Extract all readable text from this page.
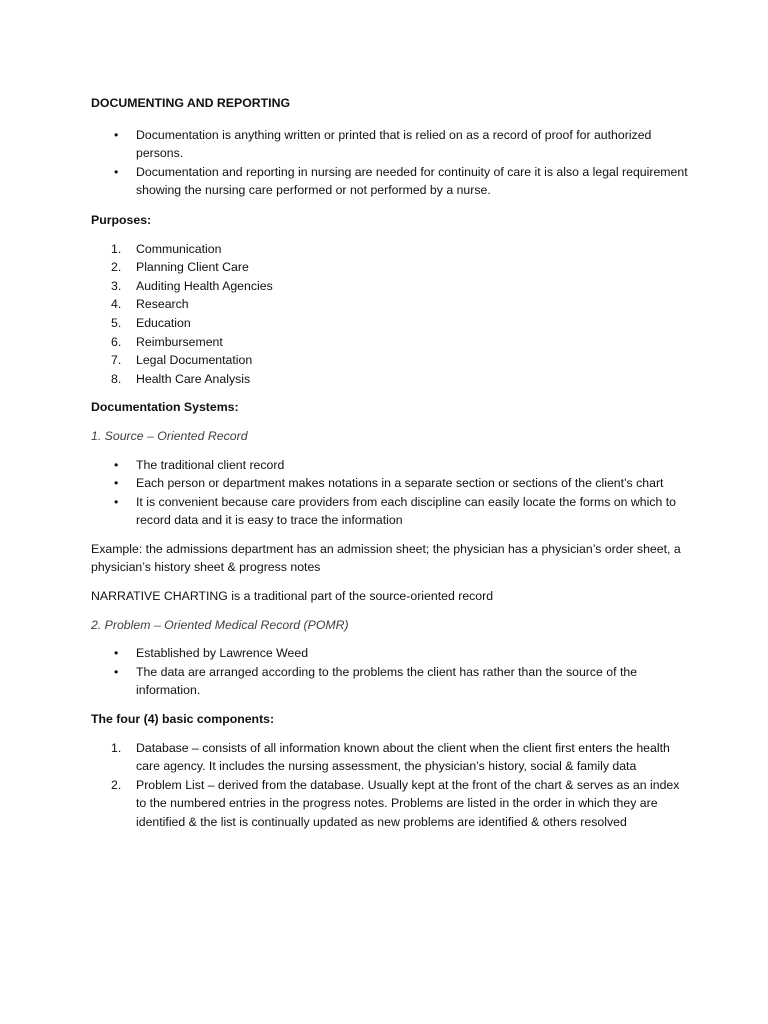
DOCUMENTING AND REPORTING
•	Documentation is anything written or printed that is relied on as a record of proof for authorized persons.
•	Documentation and reporting in nursing are needed for continuity of care it is also a legal requirement showing the nursing care performed or not performed by a nurse.
Purposes:
1.	Communication
2.	Planning Client Care
3.	Auditing Health Agencies
4.	Research
5.	Education
6.	Reimbursement
7.	Legal Documentation
8.	Health Care Analysis
Documentation Systems:
1. Source – Oriented Record
•	The traditional client record
•	Each person or department makes notations in a separate section or sections of the client’s chart
•	It is convenient because care providers from each discipline can easily locate the forms on which to record data and it is easy to trace the information
Example: the admissions department has an admission sheet; the physician has a physician’s order sheet, a physician’s history sheet & progress notes
NARRATIVE CHARTING is a traditional part of the source-oriented record
2. Problem – Oriented Medical Record (POMR)
•	Established by Lawrence Weed
•	The data are arranged according to the problems the client has rather than the source of the information.
The four (4) basic components:
1.	Database – consists of all information known about the client when the client first enters the health care agency. It includes the nursing assessment, the physician’s history, social & family data
2.	Problem List – derived from the database. Usually kept at the front of the chart & serves as an index to the numbered entries in the progress notes. Problems are listed in the order in which they are identified & the list is continually updated as new problems are identified & others resolved
